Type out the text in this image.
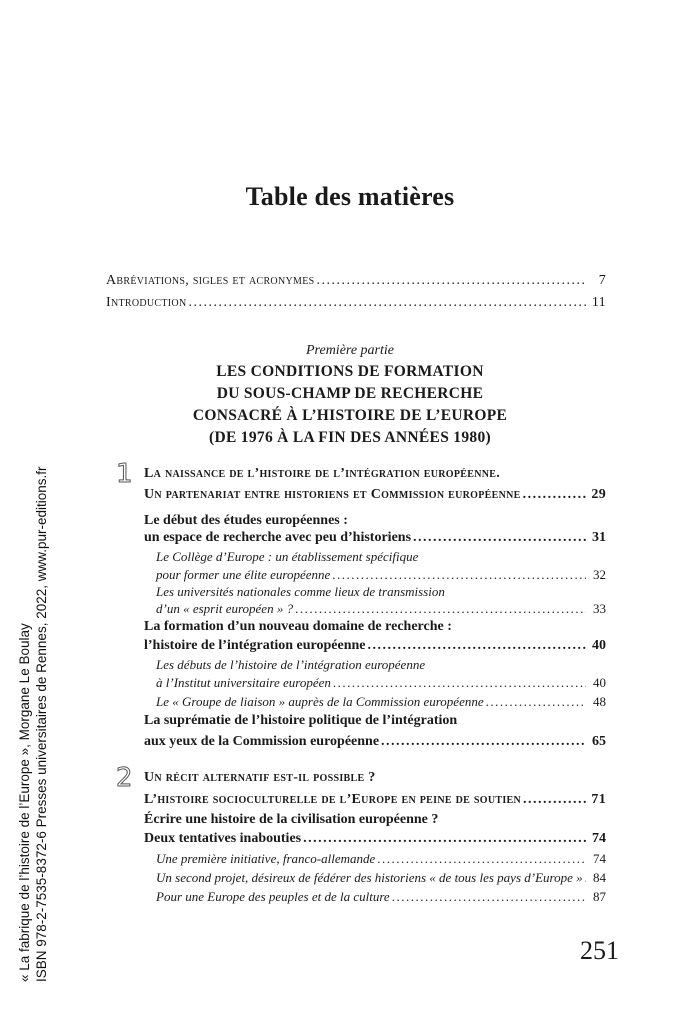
Table des matières
Abréviations, sigles et acronymes .....	7
Introduction .....	11
Première partie
LES CONDITIONS DE FORMATION
DU SOUS-CHAMP DE RECHERCHE
CONSACRÉ À L’HISTOIRE DE L’EUROPE
(DE 1976 À LA FIN DES ANNÉES 1980)
1 La naissance de l’histoire de l’intégration européenne.
Un partenariat entre historiens et Commission européenne .....	29
Le début des études européennes :
un espace de recherche avec peu d’historiens .....	31
Le Collège d’Europe : un établissement spécifique
pour former une élite européenne .....	32
Les universités nationales comme lieux de transmission
d’un « esprit européen » ? .....	33
La formation d’un nouveau domaine de recherche :
l’histoire de l’intégration européenne .....	40
Les débuts de l’histoire de l’intégration européenne
à l’Institut universitaire européen .....	40
Le « Groupe de liaison » auprès de la Commission européenne .....	48
La suprématie de l’histoire politique de l’intégration
aux yeux de la Commission européenne .....	65
2 Un récit alternatif est-il possible ?
L’histoire socioculturelle de l’Europe en peine de soutien .....	71
Écrire une histoire de la civilisation européenne ?
Deux tentatives inabouties .....	74
Une première initiative, franco-allemande .....	74
Un second projet, désireux de fédérer des historiens « de tous les pays d’Europe » ..... 84
Pour une Europe des peuples et de la culture .....	87
251
« La fabrique de l’histoire de l’Europe », Morgane Le Boulay ISBN 978-2-7535-8372-6 Presses universitaires de Rennes, 2022, www.pur-editions.fr
